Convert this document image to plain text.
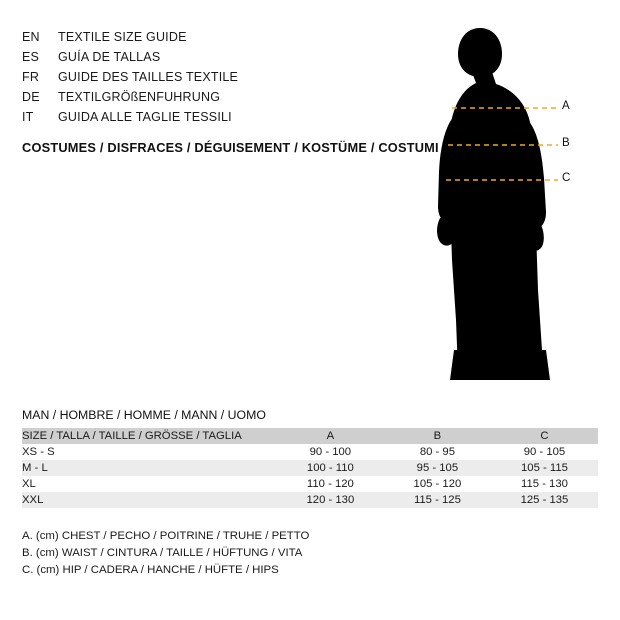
EN	TEXTILE SIZE GUIDE
ES	GUÍA DE TALLAS
FR	GUIDE DES TAILLES TEXTILE
DE	TEXTILGRÖßENFUHRUNG
IT	GUIDA ALLE TAGLIE TESSILI
COSTUMES / DISFRACES / DÉGUISEMENT / KOSTÜME / COSTUMI
A
B
C
MAN / HOMBRE / HOMME / MANN / UOMO
SIZE / TALLA / TAILLE / GRÖSSE / TAGLIA	A	B	C
XS - S	90 - 100	80 - 95	90 - 105
M - L	100 - 110	95 - 105	105 - 115
XL	110 - 120	105 - 120	115 - 130
XXL	120 - 130	115 - 125	125 - 135
A. (cm) CHEST / PECHO / POITRINE / TRUHE / PETTO
B. (cm) WAIST / CINTURA / TAILLE / HÜFTUNG / VITA
C. (cm) HIP / CADERA / HANCHE / HÜFTE / HIPS
